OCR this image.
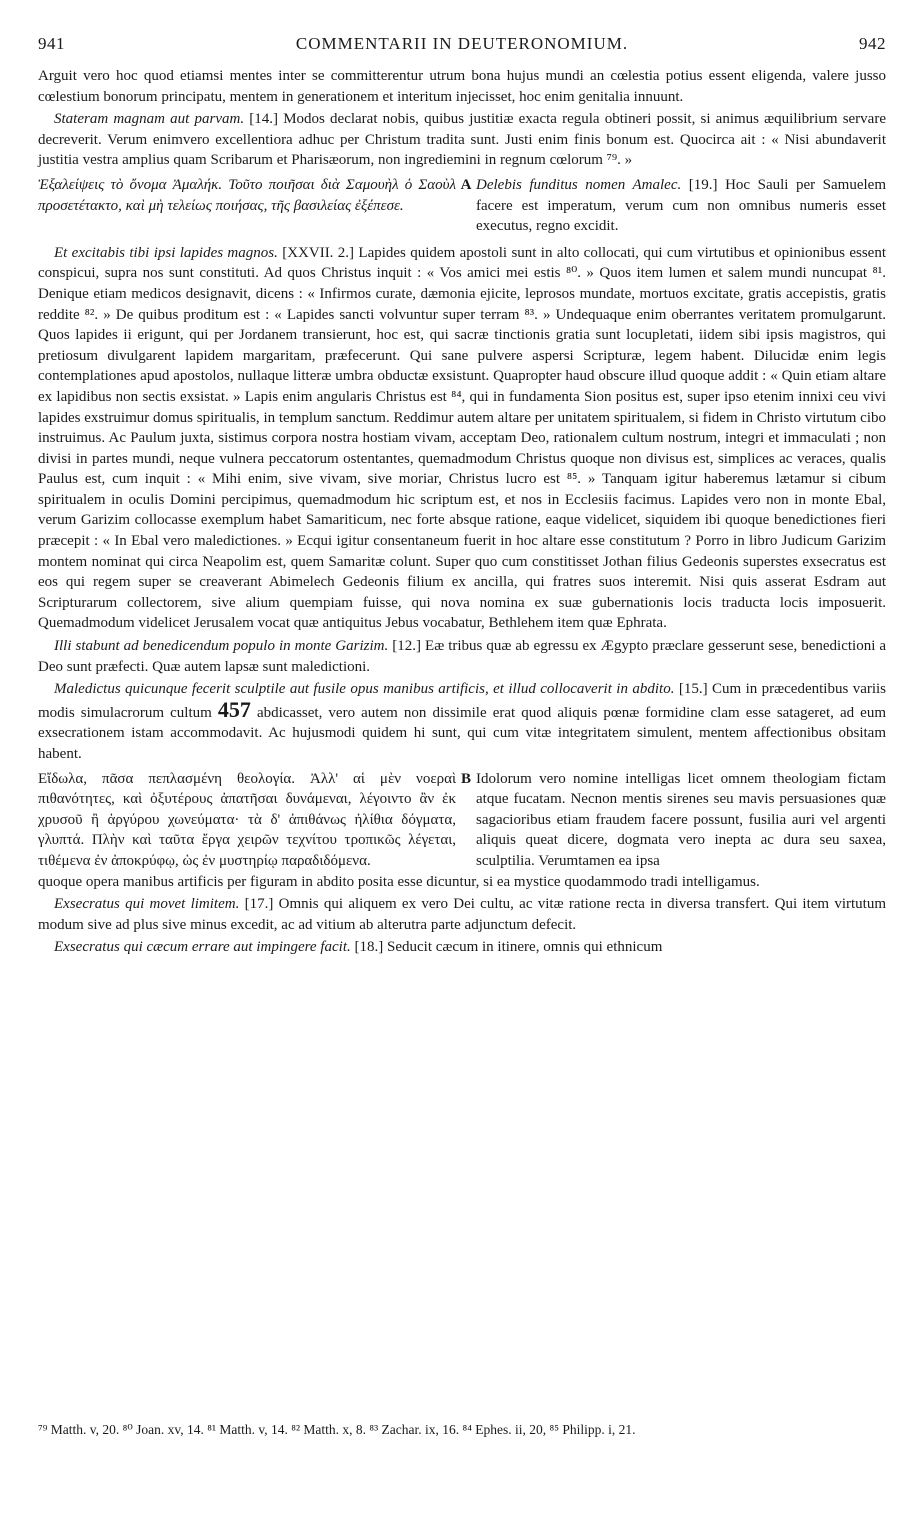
941	COMMENTARII IN DEUTERONOMIUM.	942

Arguit vero hoc quod etiamsi mentes inter se committerentur utrum bona hujus mundi an cœlestia potius essent eligenda, valere jusso cœlestium bonorum principatu, mentem in generationem et interitum injecisset, hoc enim genitalia innuunt.

Stateram magnam aut parvam. [14.] Modos declarat nobis, quibus justitiæ exacta regula obtineri possit, si animus æquilibrium servare decreverit. Verum enimvero excellentiora adhuc per Christum tradita sunt. Justi enim finis bonum est. Quocirca ait : « Nisi abundaverit justitia vestra amplius quam Scribarum et Pharisæorum, non ingrediemini in regnum cœlorum ⁷⁹. »

Ἐξαλείψεις τὸ ὄνομα Ἀμαλήκ. Τοῦτο ποιῆσαι διὰ Σαμουὴλ ὁ Σαοὺλ προσετέτακτο, καὶ μὴ τελείως ποιήσας, τῆς βασιλείας ἐξέπεσε.
A Delebis funditus nomen Amalec. [19.] Hoc Sauli per Samuelem facere est imperatum, verum cum non omnibus numeris esset executus, regno excidit.

Et excitabis tibi ipsi lapides magnos. [XXVII. 2.] Lapides quidem apostoli sunt in alto collocati, qui cum virtutibus et opinionibus essent conspicui, supra nos sunt constituti. Ad quos Christus inquit : « Vos amici mei estis ⁸⁰. » Quos item lumen et salem mundi nuncupat ⁸¹. Denique etiam medicos designavit, dicens : « Infirmos curate, dæmonia ejicite, leprosos mundate, mortuos excitate, gratis accepistis, gratis reddite ⁸². » De quibus proditum est : « Lapides sancti volvuntur super terram ⁸³. » Undequaque enim oberrantes veritatem promulgarunt. Quos lapides ii erigunt, qui per Jordanem transierunt, hoc est, qui sacræ tinctionis gratia sunt locupletati, iidem sibi ipsis magistros, qui pretiosum divulgarent lapidem margaritam, præfecerunt. Qui sane pulvere aspersi Scripturæ, legem habent. Dilucidæ enim legis contemplationes apud apostolos, nullaque litteræ umbra obductæ exsistunt. Quapropter haud obscure illud quoque addit : « Quin etiam altare ex lapidibus non sectis exsistat. » Lapis enim angularis Christus est ⁸⁴, qui in fundamenta Sion positus est, super ipso etenim innixi ceu vivi lapides exstruimur domus spiritualis, in templum sanctum. Reddimur autem altare per unitatem spiritualem, si fidem in Christo virtutum cibo instruimus. Ac Paulum juxta, sistimus corpora nostra hostiam vivam, acceptam Deo, rationalem cultum nostrum, integri et immaculati ; non divisi in partes mundi, neque vulnera peccatorum ostentantes, quemadmodum Christus quoque non divisus est, simplices ac veraces, qualis Paulus est, cum inquit : « Mihi enim, sive vivam, sive moriar, Christus lucro est ⁸⁵. » Tanquam igitur haberemus lætamur si cibum spiritualem in oculis Domini percipimus, quemadmodum hic scriptum est, et nos in Ecclesiis facimus. Lapides vero non in monte Ebal, verum Garizim collocasse exemplum habet Samariticum, nec forte absque ratione, eaque videlicet, siquidem ibi quoque benedictiones fieri præcepit : « In Ebal vero maledictiones. » Ecqui igitur consentaneum fuerit in hoc altare esse constitutum ? Porro in libro Judicum Garizim montem nominat qui circa Neapolim est, quem Samaritæ colunt. Super quo cum constitisset Jothan filius Gedeonis superstes exsecratus est eos qui regem super se creaverant Abimelech Gedeonis filium ex ancilla, qui fratres suos interemit. Nisi quis asserat Esdram aut Scripturarum collectorem, sive alium quempiam fuisse, qui nova nomina ex suæ gubernationis locis traducta locis imposuerit. Quemadmodum videlicet Jerusalem vocat quæ antiquitus Jebus vocabatur, Bethlehem item quæ Ephrata.

Illi stabunt ad benedicendum populo in monte Garizim. [12.] Eæ tribus quæ ab egressu ex Ægypto præclare gesserunt sese, benedictioni a Deo sunt præfecti. Quæ autem lapsæ sunt maledictioni.

Maledictus quicunque fecerit sculptile aut fusile opus manibus artificis, et illud collocaverit in abdito. [15.] Cum in præcedentibus variis modis simulacrorum cultum 457 abdicasset, vero autem non dissimile erat quod aliquis pœnæ formidine clam esse satageret, ad eum exsecrationem istam accommodavit. Ac hujusmodi quidem hi sunt, qui cum vitæ integritatem simulent, mentem affectionibus obsitam habent.

Εἴδωλα, πᾶσα πεπλασμένη θεολογία. Ἀλλ' αἱ μὲν νοεραὶ πιθανότητες, καὶ ὀξυτέρους ἀπατῆσαι δυνάμεναι, λέγοιντο ἂν ἐκ χρυσοῦ ἢ ἀργύρου χωνεύματα· τὰ δ' ἀπιθάνως ἠλίθια δόγματα, γλυπτά. Πλὴν καὶ ταῦτα ἔργα χειρῶν τεχνίτου τροπικῶς λέγεται, τιθέμενα ἐν ἀποκρύφῳ, ὡς ἐν μυστηρίῳ παραδιδόμενα.
B Idolorum vero nomine intelligas licet omnem theologiam fictam atque fucatam. Necnon mentis sirenes seu mavis persuasiones quæ sagacioribus etiam fraudem facere possunt, fusilia auri vel argenti aliquis queat dicere, dogmata vero inepta ac dura seu saxea, sculptilia. Verumtamen ea ipsa

quoque opera manibus artificis per figuram in abdito posita esse dicuntur, si ea mystice quodammodo tradi intelligamus.

Exsecratus qui movet limitem. [17.] Omnis qui aliquem ex vero Dei cultu, ac vitæ ratione recta in diversa transfert. Qui item virtutum modum sive ad plus sive minus excedit, ac ad vitium ab alterutra parte adjunctum defecit.

Exsecratus qui cæcum errare aut impingere facit. [18.] Seducit cæcum in itinere, omnis qui ethnicum

⁷⁹ Matth. v, 20. ⁸⁰ Joan. xv, 14. ⁸¹ Matth. v, 14. ⁸² Matth. x, 8. ⁸³ Zachar. ix, 16. ⁸⁴ Ephes. ii, 20, ⁸⁵ Philipp. i, 21.
